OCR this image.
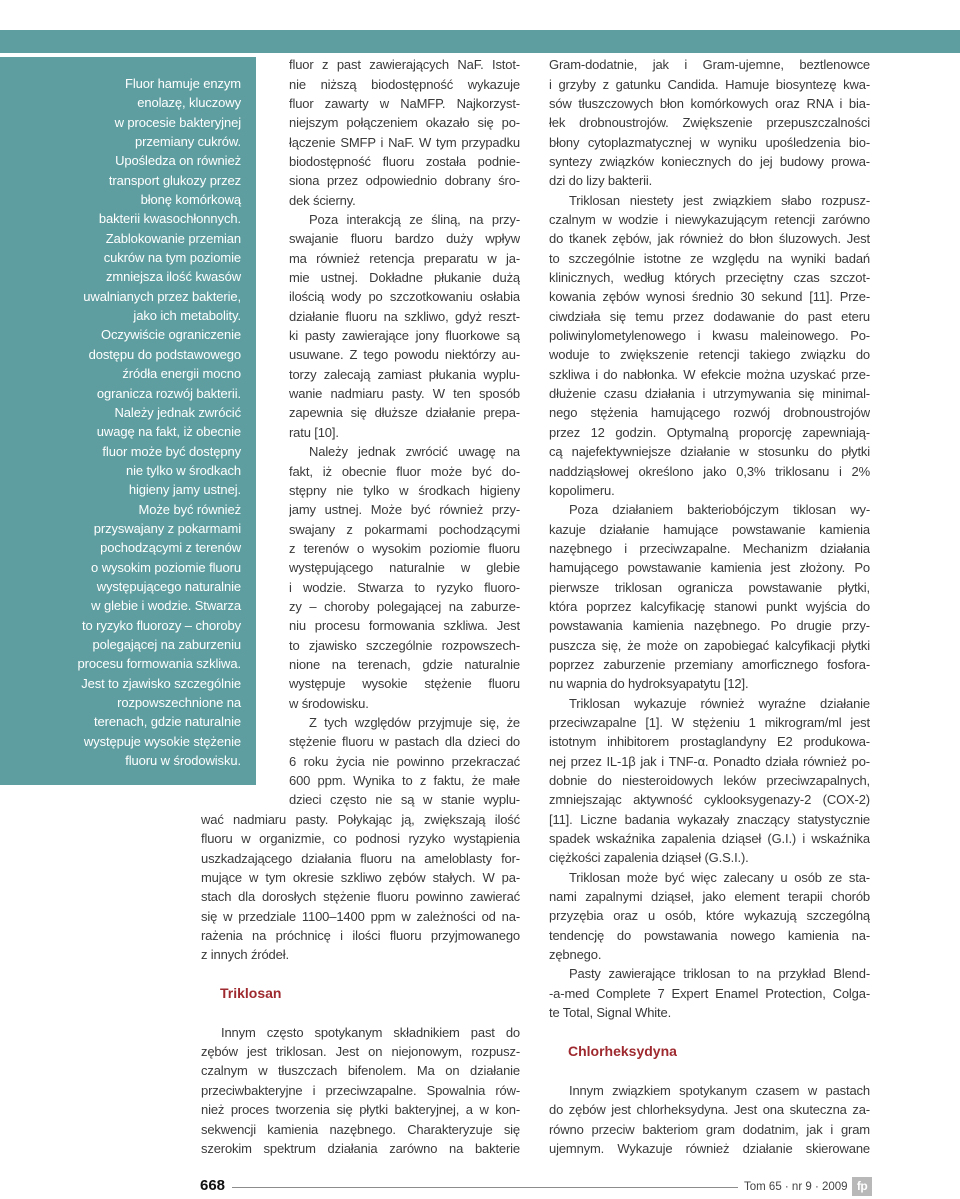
Fluor hamuje enzym
enolazę, kluczowy
w procesie bakteryjnej
przemiany cukrów.
Upośledza on również
transport glukozy przez
błonę komórkową
bakterii kwasochłonnych.
Zablokowanie przemian
cukrów na tym poziomie
zmniejsza ilość kwasów
uwalnianych przez bakterie,
jako ich metabolity.
Oczywiście ograniczenie
dostępu do podstawowego
źródła energii mocno
ogranicza rozwój bakterii.
Należy jednak zwrócić
uwagę na fakt, iż obecnie
fluor może być dostępny
nie tylko w środkach
higieny jamy ustnej.
Może być również
przyswajany z pokarmami
pochodzącymi z terenów
o wysokim poziomie fluoru
występującego naturalnie
w glebie i wodzie. Stwarza
to ryzyko fluorozy – choroby
polegającej na zaburzeniu
procesu formowania szkliwa.
Jest to zjawisko szczególnie
rozpowszechnione na
terenach, gdzie naturalnie
występuje wysokie stężenie
fluoru w środowisku.
fluor z past zawierających NaF. Istot-
nie niższą biodostępność wykazuje
fluor zawarty w NaMFP. Najkorzyst-
niejszym połączeniem okazało się po-
łączenie SMFP i NaF. W tym przypadku
biodostępność fluoru została podnie-
siona przez odpowiednio dobrany śro-
dek ścierny.
Poza interakcją ze śliną, na przy-
swajanie fluoru bardzo duży wpływ
ma również retencja preparatu w ja-
mie ustnej. Dokładne płukanie dużą
ilością wody po szczotkowaniu osłabia
działanie fluoru na szkliwo, gdyż reszt-
ki pasty zawierające jony fluorkowe są
usuwane. Z tego powodu niektórzy au-
torzy zalecają zamiast płukania wyplu-
wanie nadmiaru pasty. W ten sposób
zapewnia się dłuższe działanie prepa-
ratu [10].
Należy jednak zwrócić uwagę na
fakt, iż obecnie fluor może być do-
stępny nie tylko w środkach higieny
jamy ustnej. Może być również przy-
swajany z pokarmami pochodzącymi
z terenów o wysokim poziomie fluoru
występującego naturalnie w glebie
i wodzie. Stwarza to ryzyko fluoro-
zy – choroby polegającej na zaburze-
niu procesu formowania szkliwa. Jest
to zjawisko szczególnie rozpowszech-
nione na terenach, gdzie naturalnie
występuje wysokie stężenie fluoru
w środowisku.
Z tych względów przyjmuje się, że
stężenie fluoru w pastach dla dzieci do
6 roku życia nie powinno przekraczać
600 ppm. Wynika to z faktu, że małe
dzieci często nie są w stanie wyplu-
wać nadmiaru pasty. Połykając ją, zwiększają ilość
fluoru w organizmie, co podnosi ryzyko wystąpienia
uszkadzającego działania fluoru na ameloblasty for-
mujące w tym okresie szkliwo zębów stałych. W pa-
stach dla dorosłych stężenie fluoru powinno zawierać
się w przedziale 1100–1400 ppm w zależności od na-
rażenia na próchnicę i ilości fluoru przyjmowanego
z innych źródeł.
Triklosan
Innym często spotykanym składnikiem past do
zębów jest triklosan. Jest on niejonowym, rozpusz-
czalnym w tłuszczach bifenolem. Ma on działanie
przeciwbakteryjne i przeciwzapalne. Spowalnia rów-
nież proces tworzenia się płytki bakteryjnej, a w kon-
sekwencji kamienia nazębnego. Charakteryzuje się
szerokim spektrum działania zarówno na bakterie
Gram-dodatnie, jak i Gram-ujemne, beztlenowce
i grzyby z gatunku Candida. Hamuje biosyntezę kwa-
sów tłuszczowych błon komórkowych oraz RNA i bia-
łek drobnoustrojów. Zwiększenie przepuszczalności
błony cytoplazmatycznej w wyniku upośledzenia bio-
syntezy związków koniecznych do jej budowy prowa-
dzi do lizy bakterii.
Triklosan niestety jest związkiem słabo rozpusz-
czalnym w wodzie i niewykazującym retencji zarówno
do tkanek zębów, jak również do błon śluzowych. Jest
to szczególnie istotne ze względu na wyniki badań
klinicznych, według których przeciętny czas szczot-
kowania zębów wynosi średnio 30 sekund [11]. Prze-
ciwdziała się temu przez dodawanie do past eteru
poliwinylometylenowego i kwasu maleinowego. Po-
woduje to zwiększenie retencji takiego związku do
szkliwa i do nabłonka. W efekcie można uzyskać prze-
dłużenie czasu działania i utrzymywania się minimal-
nego stężenia hamującego rozwój drobnoustrojów
przez 12 godzin. Optymalną proporcję zapewniają-
cą najefektywniejsze działanie w stosunku do płytki
naddziąsłowej określono jako 0,3% triklosanu i 2%
kopolimeru.
Poza działaniem bakteriobójczym tiklosan wy-
kazuje działanie hamujące powstawanie kamienia
nazębnego i przeciwzapalne. Mechanizm działania
hamującego powstawanie kamienia jest złożony. Po
pierwsze triklosan ogranicza powstawanie płytki,
która poprzez kalcyfikację stanowi punkt wyjścia do
powstawania kamienia nazębnego. Po drugie przy-
puszcza się, że może on zapobiegać kalcyfikacji płytki
poprzez zaburzenie przemiany amorficznego fosfora-
nu wapnia do hydroksyapatytu [12].
Triklosan wykazuje również wyraźne działanie
przeciwzapalne [1]. W stężeniu 1 mikrogram/ml jest
istotnym inhibitorem prostaglandyny E2 produkowa-
nej przez IL-1β jak i TNF-α. Ponadto działa również po-
dobnie do niesteroidowych leków przeciwzapalnych,
zmniejszając aktywność cyklooksygenazy-2 (COX-2)
[11]. Liczne badania wykazały znaczący statystycznie
spadek wskaźnika zapalenia dziąseł (G.I.) i wskaźnika
ciężkości zapalenia dziąseł (G.S.I.).
Triklosan może być więc zalecany u osób ze sta-
nami zapalnymi dziąseł, jako element terapii chorób
przyzębia oraz u osób, które wykazują szczególną
tendencję do powstawania nowego kamienia na-
zębnego.
Pasty zawierające triklosan to na przykład Blend-
-a-med Complete 7 Expert Enamel Protection, Colga-
te Total, Signal White.
Chlorheksydyna
Innym związkiem spotykanym czasem w pastach
do zębów jest chlorheksydyna. Jest ona skuteczna za-
równo przeciw bakteriom gram dodatnim, jak i gram
ujemnym. Wykazuje również działanie skierowane
668	Tom 65 · nr 9 · 2009 fp
